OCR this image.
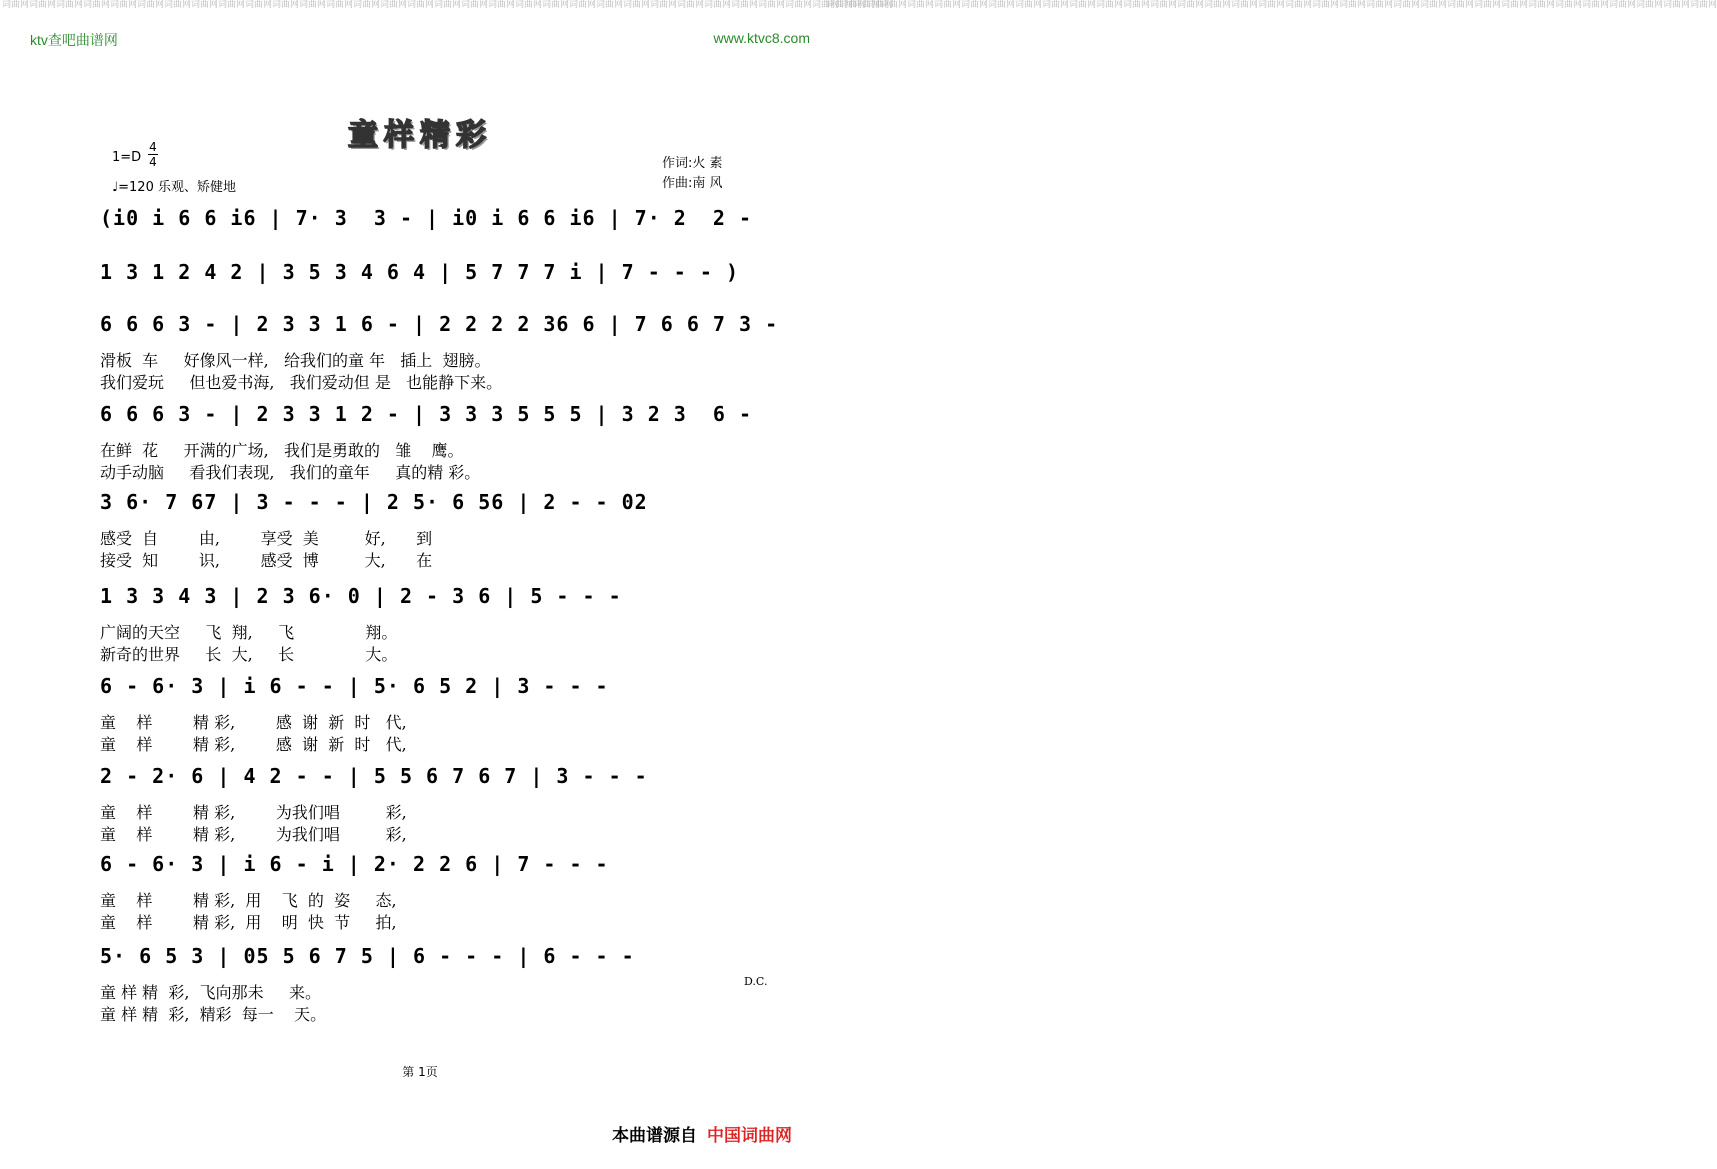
词曲网词曲网词曲网词曲网词曲网词曲网词曲网词曲网词曲网词曲网词曲网词曲网词曲网词曲网词曲网词曲网词曲网词曲网词曲网词曲网词曲网词曲网词曲网词曲网词曲网词曲网词曲网词曲网词曲网词曲网词曲网词曲网词曲网
词曲网词曲网词曲网词曲网词曲网词曲网词曲网词曲网词曲网词曲网词曲网词曲网词曲网词曲网词曲网词曲网词曲网词曲网词曲网词曲网词曲网词曲网词曲网词曲网词曲网词曲网词曲网词曲网词曲网词曲网词曲网词曲网词曲网
ktv查吧曲谱网	www.ktvc8.com
童样精彩
1=D
4
4
♩=120 乐观、矫健地
作词:火 素
作曲:南 风
(i0 i 6 6 i6 | 7· 3  3 - | i0 i 6 6 i6 | 7· 2  2 -
1 3 1 2 4 2 | 3 5 3 4 6 4 | 5 7 7 7 i | 7 - - - )
6 6 6 3 - | 2 3 3 1 6 - | 2 2 2 2 36 6 | 7 6 6 7 3 -
滑板  车     好像风一样,   给我们的童 年   插上  翅膀。
我们爱玩     但也爱书海,   我们爱动但 是   也能静下来。
6 6 6 3 - | 2 3 3 1 2 - | 3 3 3 5 5 5 | 3 2 3  6 -
在鲜  花     开满的广场,   我们是勇敢的   雏    鹰。
动手动脑     看我们表现,   我们的童年     真的精 彩。
3 6· 7 67 | 3 - - - | 2 5· 6 56 | 2 - - 02
感受  自        由,        享受  美         好,      到
接受  知        识,        感受  博         大,      在
1 3 3 4 3 | 2 3 6· 0 | 2 - 3 6 | 5 - - -
广阔的天空     飞  翔,     飞              翔。
新奇的世界     长  大,     长              大。
6 - 6· 3 | i 6 - - | 5· 6 5 2 | 3 - - -
童    样        精 彩,        感  谢  新  时   代,
童    样        精 彩,        感  谢  新  时   代,
2 - 2· 6 | 4 2 - - | 5 5 6 7 6 7 | 3 - - -
童    样        精 彩,        为我们唱         彩,
童    样        精 彩,        为我们唱         彩,
6 - 6· 3 | i 6 - i | 2· 2 2 6 | 7 - - -
童    样        精 彩,  用    飞  的  姿     态,
童    样        精 彩,  用    明  快  节     拍,
5· 6 5 3 | 05 5 6 7 5 | 6 - - - | 6 - - -
童 样 精  彩,  飞向那未     来。
童 样 精  彩,  精彩  每一    天。
D.C.
第 1页
本曲谱源自 中国词曲网
